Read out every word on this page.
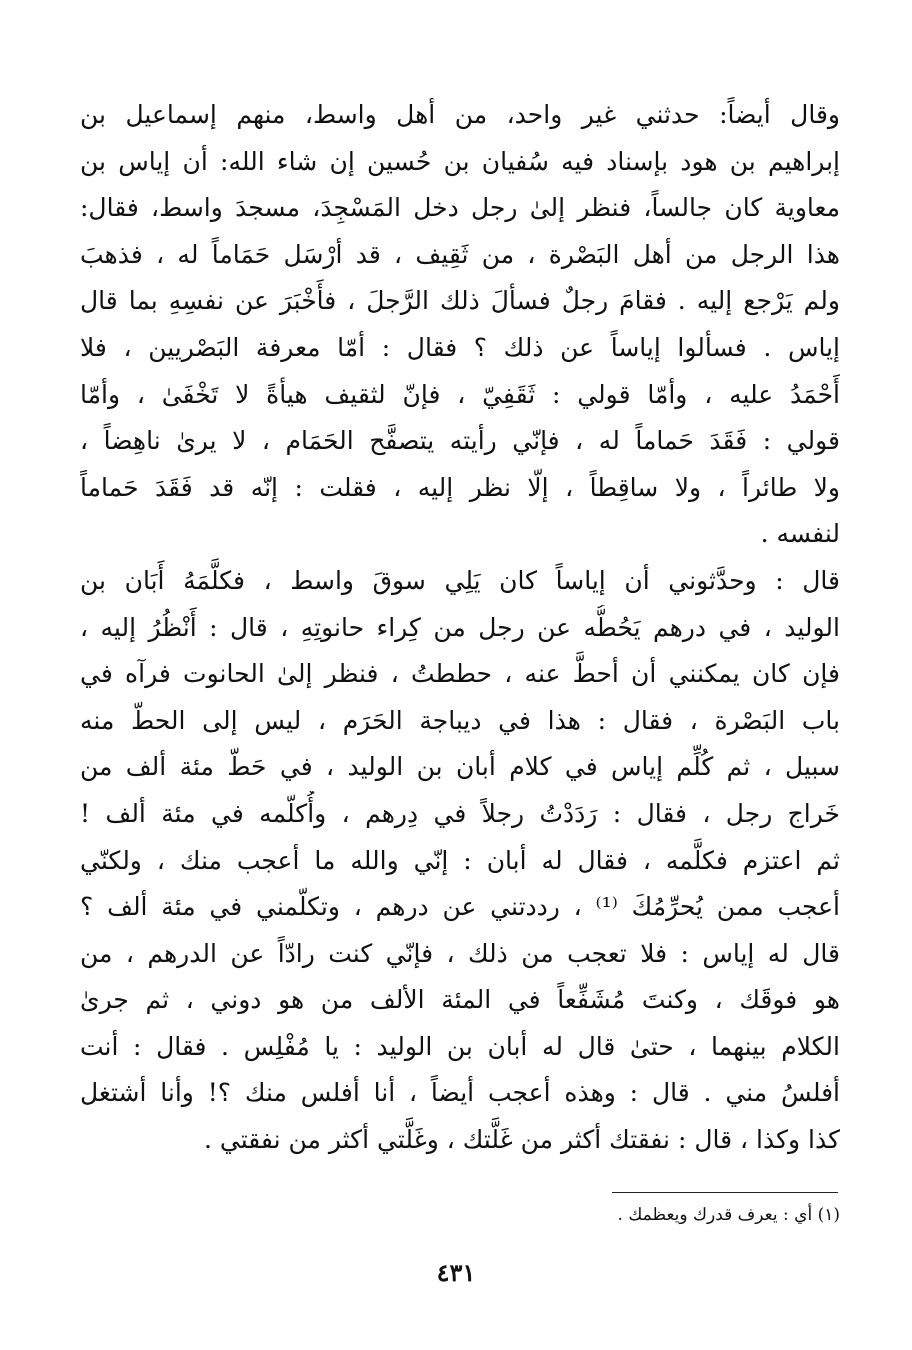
وقال أيضاً: حدثني غير واحد، من أهل واسط، منهم إسماعيل بن
إبراهيم بن هود بإسناد فيه سُفيان بن حُسين إن شاء الله: أن إياس بن
معاوية كان جالساً، فنظر إلىٰ رجل دخل المَسْجِدَ، مسجدَ واسط، فقال:
هذا الرجل من أهل البَصْرة ، من ثَقِيف ، قد أرْسَل حَمَاماً له ، فذهبَ
ولم يَرْجع إليه . فقامَ رجلٌ فسألَ ذلك الرَّجلَ ، فأَخْبَرَ عن نفسِهِ بما قال
إياس . فسألوا إياساً عن ذلك ؟ فقال : أمّا معرفة البَصْريين ، فلا
أَحْمَدُ عليه ، وأمّا قولي : ثَقَفِيّ ، فإنّ لثقيف هيأةً لا تَخْفَىٰ ، وأمّا
قولي : فَقَدَ حَماماً له ، فإنّي رأيته يتصفَّح الحَمَام ، لا يرىٰ ناهِضاً ،
ولا طائراً ، ولا ساقِطاً ، إلّا نظر إليه ، فقلت : إنّه قد فَقَدَ حَماماً
لنفسه .
قال : وحدَّثوني أن إياساً كان يَلِي سوقَ واسط ، فكلَّمَهُ أَبَان بن
الوليد ، في درهم يَحُطُّه عن رجل من كِراء حانوتِهِ ، قال : أَنْظُرُ إليه ،
فإن كان يمكنني أن أحطَّ عنه ، حططتُ ، فنظر إلىٰ الحانوت فرآه في
باب البَصْرة ، فقال : هذا في ديباجة الحَرَم ، ليس إلى الحطّ منه
سبيل ، ثم كُلِّم إياس في كلام أبان بن الوليد ، في حَطّ مئة ألف من
خَراج رجل ، فقال : رَدَدْتُ رجلاً في دِرهم ، وأُكلّمه في مئة ألف !
ثم اعتزم فكلَّمه ، فقال له أبان : إنّي والله ما أعجب منك ، ولكنّي
أعجب ممن يُحرِّمُكَ ⁽¹⁾ ، رددتني عن درهم ، وتكلّمني في مئة ألف ؟
قال له إياس : فلا تعجب من ذلك ، فإنّي كنت رادّاً عن الدرهم ، من
هو فوقَك ، وكنتَ مُشَفِّعاً في المئة الألف من هو دوني ، ثم جرىٰ
الكلام بينهما ، حتىٰ قال له أبان بن الوليد : يا مُفْلِس . فقال : أنت
أفلسُ مني . قال : وهذه أعجب أيضاً ، أنا أفلس منك ؟! وأنا أشتغل
كذا وكذا ، قال : نفقتك أكثر من غَلَّتك ، وغَلَّتي أكثر من نفقتي .
(١) أي : يعرف قدرك ويعظمك .
٤٣١
